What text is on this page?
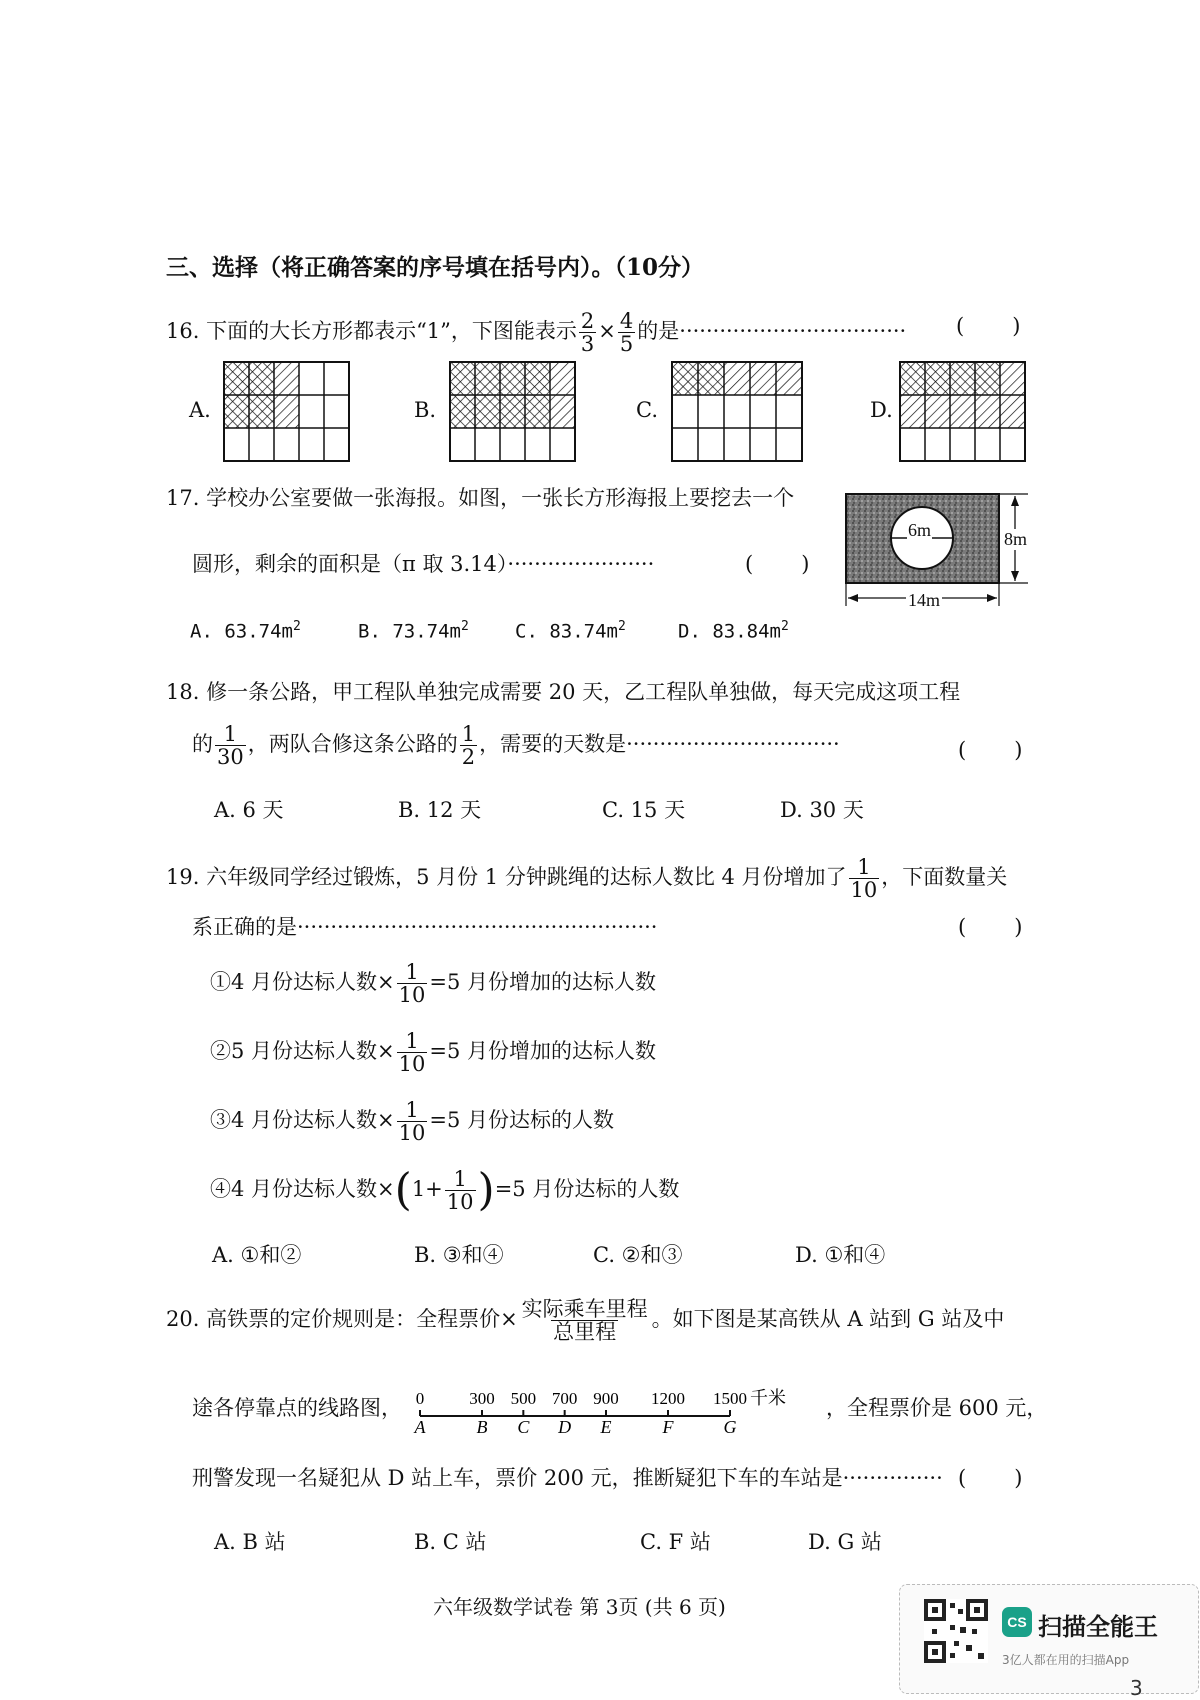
三、选择（将正确答案的序号填在括号内）。（10分）
16. 下面的大长方形都表示“1”，下图能表示 $\frac{2}{3} \times \frac{4}{5}$ 的是·································· ( )
A.	B.	C.	D.
6m	8m
14m
17. 学校办公室要做一张海报。如图，一张长方形海报上要挖去一个
圆形，剩余的面积是（π 取 3.14）······················	( )
A. $63.74m^2$	B. $73.74m^2$ C. $83.74m^2$	D. $83.84m^2$
18. 修一条公路，甲工程队单独完成需要 20 天，乙工程队单独做，每天完成这项工程
的 $\frac{1}{30}$ ，两队合修这条公路的 $\frac{1}{2}$ ，需要的天数是································	( )
A. 6 天	B. 12 天	C. 15 天	D. 30 天
19. 六年级同学经过锻炼，5 月份 1 分钟跳绳的达标人数比 4 月份增加了 $\frac{1}{10}$ ，下面数量关
系正确的是······················································	( )
①4 月份达标人数× $\frac{1}{10} =5$ 月份增加的达标人数
②5 月份达标人数× $\frac{1}{10} =5$ 月份增加的达标人数
③4 月份达标人数× $\frac{1}{10} =5$ 月份达标的人数
④4 月份达标人数$\times(1+ \frac{1}{10} )=5$ 月份达标的人数
A. ①和②	B. ③和④	C. ②和③	D. ①和④
20. 高铁票的定价规则是：全程票价× $\frac{\text{实际乘车里程}}{\text{总里程}}$ 。如下图是某高铁从 A 站到 G 站及中
途各停靠点的线路图，	，全程票价是 600 元，
0
A
300
B
500
C
700
D
900
E
1200
F
1500
G
千米
刑警发现一名疑犯从 D 站上车，票价 200 元，推断疑犯下车的车站是··············· ( )
A. B 站	B. C 站	C. F 站	D. G 站
六年级数学试卷 第 3页 (共 6 页)
CS 扫描全能王
3亿人都在用的扫描App
3
